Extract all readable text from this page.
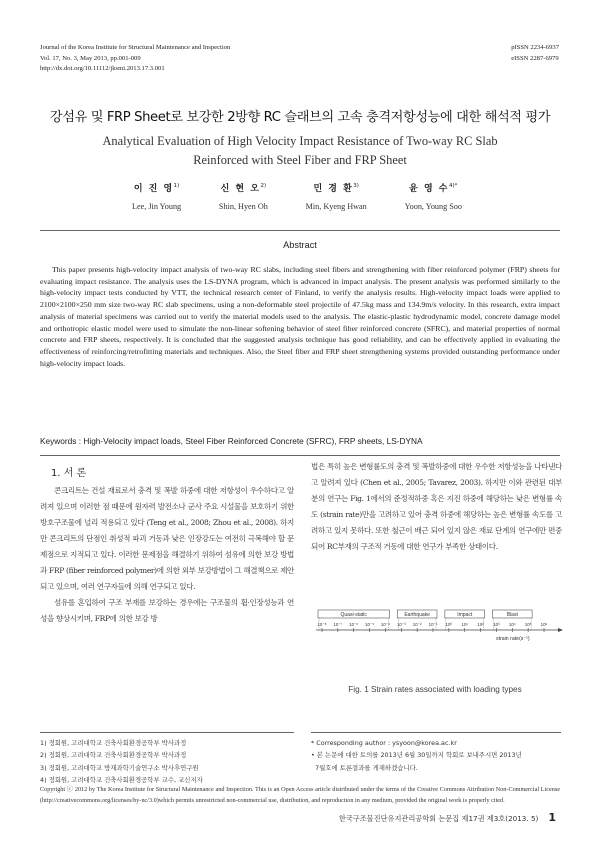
Journal of the Korea Institute for Structural Maintenance and Inspection
Vol. 17, No. 3, May 2013, pp.001-009
http://dx.doi.org/10.11112/jksmi.2013.17.3.001
pISSN 2234-6937
eISSN 2287-6979
강섬유 및 FRP Sheet로 보강한 2방향 RC 슬래브의 고속 충격저항성능에 대한 해석적 평가
Analytical Evaluation of High Velocity Impact Resistance of Two-way RC Slab
Reinforced with Steel Fiber and FRP Sheet
이 진 영$^{1)}$
Lee, Jin Young
신 현 오$^{2)}$
Shin, Hyen Oh
민 경 환$^{3)}$
Min, Kyeng Hwan
윤 영 수$^{4)*}$
Yoon, Young Soo
Abstract
This paper presents high-velocity impact analysis of two-way RC slabs, including steel fibers and strengthening with fiber reinforced polymer (FRP) sheets for evaluating impact resistance. The analysis uses the LS-DYNA program, which is advanced in impact analysis. The present analysis was performed similarly to the high-velocity impact tests conducted by VTT, the technical research center of Finland, to verify the analysis results. High-velocity impact loads were applied to 2100×2100×250 mm size two-way RC slab specimens, using a non-deformable steel projectile of 47.5kg mass and 134.9m/s velocity. In this research, extra impact analysis of material specimens was carried out to verify the material models used to the analysis. The elastic-plastic hydrodynamic model, concrete damage model and orthotropic elastic model were used to simulate the non-linear softening behavior of steel fiber reinforced concrete (SFRC), and material properties of normal concrete and FRP sheets, respectively. It is concluded that the suggested analysis technique has good reliability, and can be effectively applied in evaluating the effectiveness of reinforcing/retrofitting materials and techniques. Also, the Steel fiber and FRP sheet strengthening systems provided outstanding performance under high-velocity impact loads.
Keywords : High-Velocity impact loads, Steel Fiber Reinforced Concrete (SFRC), FRP sheets, LS-DYNA
1. 서 론

콘크리트는 건설 재료로서 충격 및 폭발 하중에 대한 저항성이 우수하다고 알려져 있으며 이러한 점 때문에 원자력 발전소나 군사 주요 시설물을 보호하기 위한 방호구조물에 널리 적용되고 있다 (Teng et al., 2008; Zhou et al., 2008). 하지만 콘크리트의 단점인 취성적 파괴 거동과 낮은 인장강도는 여전히 극복해야 할 문제점으로 지적되고 있다. 이러한 문제점을 해결하기 위하여 섬유에 의한 보강 방법과 FRP (fiber reinforced polymer)에 의한 외부 보강방법이 그 해결책으로 제안되고 있으며, 여러 연구자들에 의해 연구되고 있다.

섬유를 혼입하여 구조 부재를 보강하는 경우에는 구조물의 휨·인장성능과 연성을 향상시키며, FRP에 의한 보강 방

법은 특히 높은 변형률도의 충격 및 폭발하중에 대한 우수한 저항성능을 나타낸다고 알려져 있다 (Chen et al., 2005; Tavarez, 2003). 하지만 이와 관련된 대부분의 연구는 Fig. 1에서의 준정적하중 혹은 지진 하중에 해당하는 낮은 변형률 속도 (strain rate)만을 고려하고 있어 충격 하중에 해당하는 높은 변형률 속도를 고려하고 있지 못하다. 또한 철근이 배근 되어 있지 않은 재료 단계의 연구에만 편중되어 RC부재의 구조적 거동에 대한 연구가 부족한 상태이다.
Quasi-static	Earthquake	Impact	Blast
10⁻⁸ 10⁻⁷ 10⁻⁶ 10⁻⁵ 10⁻⁴ 10⁻³ 10⁻² 10⁻¹ 10⁰ 10¹ 10² 10³ 10⁴ 10⁵ 10⁶
strain rate(s⁻¹)
Fig. 1 Strain rates associated with loading types
1) 정회원, 고려대학교 건축사회환경공학부 박사과정
2) 정회원, 고려대학교 건축사회환경공학부 박사과정
3) 정회원, 고려대학교 방재과학기술연구소 박사후연구원
4) 정회원, 고려대학교 건축사회환경공학부 교수, 교신저자
* Corresponding author : ysyoon@korea.ac.kr
• 본 논문에 대한 토의를 2013년 6월 30일까지 학회로 보내주시면 2013년
7월호에 토론결과를 게재하겠습니다.
Copyright ⓒ 2012 by The Korea Institute for Structural Maintenance and Inspection. This is an Open Access article distributed under the terms of the Creative Commons Attribution Non-Commercial License (http://creativecommons.org/licenses/by-nc/3.0)which permits unrestricted non-commercial use, distribution, and reproduction in any medium, provided the original work is properly cited.
한국구조물진단유지관리공학회 논문집 제17권 제3호(2013. 5) 1
